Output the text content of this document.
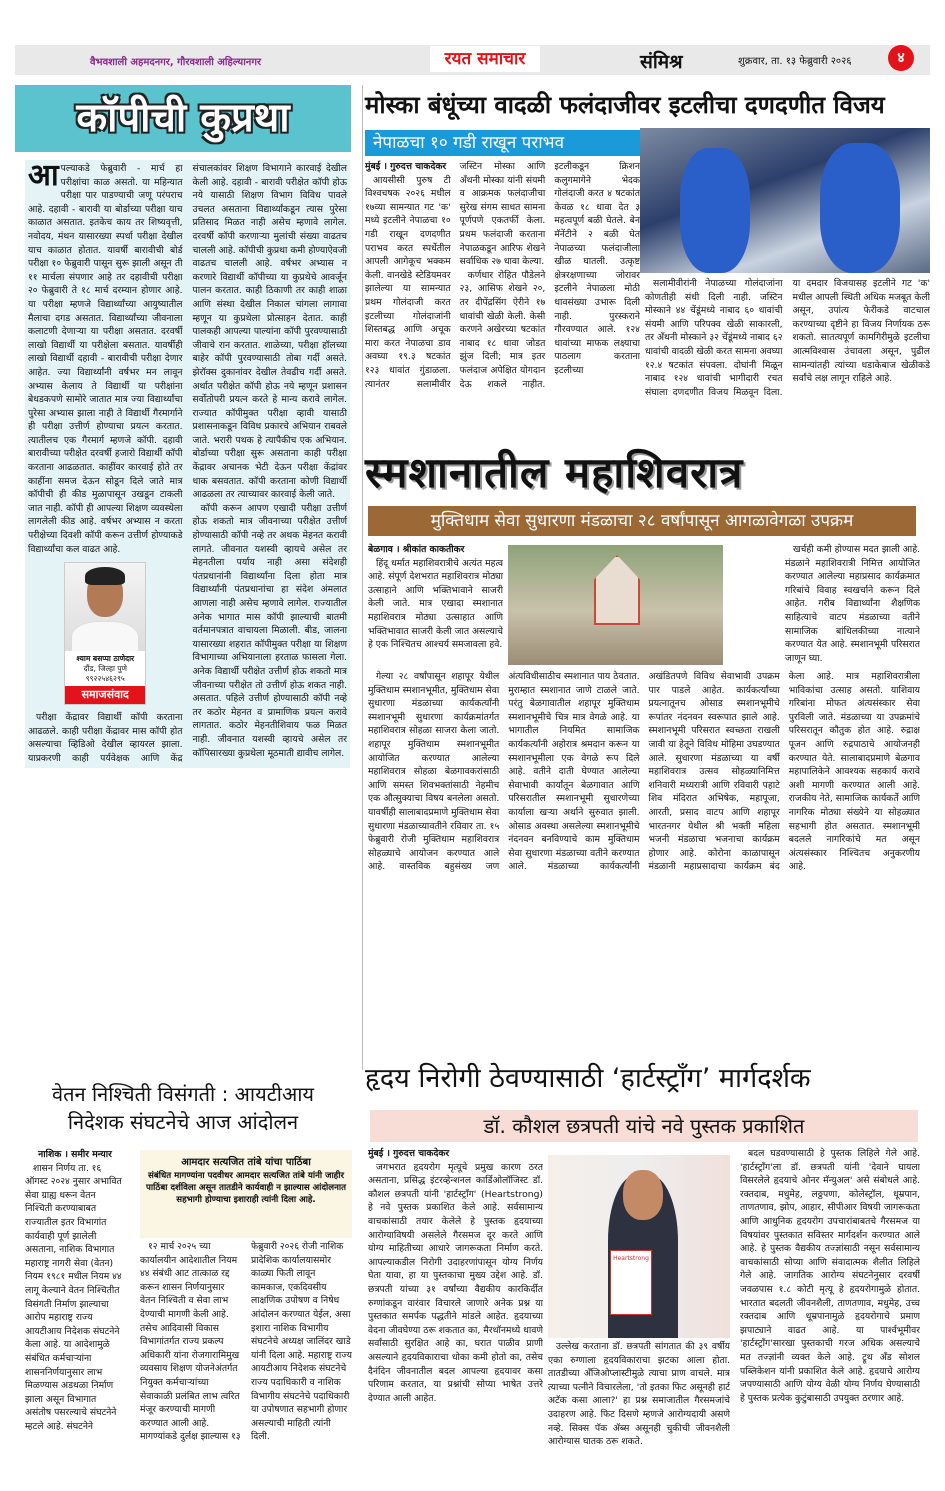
वैभवशाली अहमदनगर, गौरवशाली अहिल्यानगर	रयत समाचार	संमिश्र	शुक्रवार, ता. १३ फेब्रुवारी २०२६	४
कॉपीची कुप्रथा

आपल्याकडे फेब्रुवारी - मार्च हा परीक्षांचा काळ असतो. या महिन्यात परीक्षा पार पाडण्याची जणू परंपराच आहे. दहावी - बारावी या बोर्डाच्या परीक्षा याच काळात असतात. इतकेच काय तर शिष्यवृत्ती, नवोदय, मंथन यासारख्या स्पर्धा परीक्षा देखील याच काळात होतात. यावर्षी बारावीची बोर्ड परीक्षा १० फेब्रुवारी पासून सुरू झाली असून ती ११ मार्चला संपणार आहे तर दहावीची परीक्षा २० फेब्रुवारी ते १८ मार्च दरम्यान होणार आहे. या परीक्षा म्हणजे विद्यार्थ्यांच्या आयुष्यातील मैलाचा दगड असतात. विद्यार्थ्यांच्या जीवनाला कलाटणी देणाऱ्या या परीक्षा असतात. दरवर्षी लाखो विद्यार्थी या परीक्षेला बसतात. यावर्षीही लाखो विद्यार्थी दहावी - बारावीची परीक्षा देणार आहेत. ज्या विद्यार्थ्यांनी वर्षभर मन लावून अभ्यास केलाय ते विद्यार्थी या परीक्षांना बेधडकपणे सामोरे जातात मात्र ज्या विद्यार्थ्यांचा पुरेसा अभ्यास झाला नाही ते विद्यार्थी गैरमार्गाने ही परीक्षा उत्तीर्ण होण्याचा प्रयत्न करतात. त्यातीलच एक गैरमार्ग म्हणजे कॉपी. दहावी बारावीच्या परीक्षेत दरवर्षी हजारो विद्यार्थी कॉपी करताना आढळतात. काहींवर कारवाई होते तर काहींना समज देऊन सोडून दिले जाते मात्र कॉपीची ही कीड मुळापासून उखडून टाकली जात नाही. कॉपी ही आपल्या शिक्षण व्यवस्थेला लागलेली कीड आहे. वर्षभर अभ्यास न करता परीक्षेच्या दिवशी कॉपी करून उत्तीर्ण होण्याकडे विद्यार्थ्यांचा कल वाढत आहे.

श्याम बसप्पा ठाणेदार
दौंड, जिल्हा पुणे
९९२२५४६२९५
समाजसंवाद

परीक्षा केंद्रावर विद्यार्थी कॉपी करताना आढळले. काही परीक्षा केंद्रावर मास कॉपी होत असल्याचा व्हिडिओ देखील व्हायरल झाला. याप्रकरणी काही पर्यवेक्षक आणि केंद्र संचालकांवर शिक्षण विभागाने कारवाई देखील केली आहे. दहावी - बारावी परीक्षेत कॉपी होऊ नये यासाठी शिक्षण विभाग विविध पावले उचलत असताना विद्यार्थ्यांकडून त्यास पुरेसा प्रतिसाद मिळत नाही असेच म्हणावे लागेल. दरवर्षी कॉपी करणाऱ्या मुलांची संख्या वाढतच चालली आहे. कॉपीची कुप्रथा कमी होण्याऐवजी वाढतच चालली आहे. वर्षभर अभ्यास न करणारे विद्यार्थी कॉपीच्या या कुप्रथेचे आवर्जून पालन करतात. काही ठिकाणी तर काही शाळा आणि संस्था देखील निकाल चांगला लागावा म्हणून या कुप्रथेला प्रोत्साहन देतात. काही पालकही आपल्या पाल्यांना कॉपी पुरवण्यासाठी जीवाचे रान करतात. शाळेच्या, परीक्षा हॉलच्या बाहेर कॉपी पुरवण्यासाठी तोबा गर्दी असते. झेरॉक्स दुकानांवर देखील तेवढीच गर्दी असते. अर्थात परीक्षेत कॉपी होऊ नये म्हणून प्रशासन सर्वोतोपरी प्रयत्न करते हे मान्य करावे लागेल. राज्यात कॉपीमुक्त परीक्षा व्हावी यासाठी प्रशासनाकडून विविध प्रकारचे अभियान राबवले जाते. भरारी पथक हे त्यापैकीच एक अभियान. बोर्डाच्या परीक्षा सुरू असताना काही परीक्षा केंद्रावर अचानक भेटी देऊन परीक्षा केंद्रांवर धाक बसवतात. कॉपी करताना कोणी विद्यार्थी आढळला तर त्याच्यावर कारवाई केली जाते.

कॉपी करून आपण एखादी परीक्षा उत्तीर्ण होऊ शकतो मात्र जीवनाच्या परीक्षेत उत्तीर्ण होण्यासाठी कॉपी नव्हे तर अथक मेहनत करावी लागते. जीवनात यशस्वी व्हायचे असेल तर मेहनतीला पर्याय नाही असा संदेशही पंतप्रधानांनी विद्यार्थ्यांना दिला होता मात्र विद्यार्थ्यांनी पंतप्रधानांचा हा संदेश अंमलात आणला नाही असेच म्हणावे लागेल. राज्यातील अनेक भागात मास कॉपी झाल्याची बातमी वर्तमानपत्रात वाचायला मिळाली. बीड, जालना यासारख्या शहरात कॉपीमुक्त परीक्षा या शिक्षण विभागाच्या अभियानाला हरताळ फासला गेला. अनेक विद्यार्थी परीक्षेत उत्तीर्ण होऊ शकतो मात्र जीवनाच्या परीक्षेत तो उत्तीर्ण होऊ शकत नाही. असतात. पहिले उत्तीर्ण होण्यासाठी कॉपी नव्हे तर कठोर मेहनत व प्रामाणिक प्रयत्न करावे लागतात. कठोर मेहनतीशिवाय फळ मिळत नाही. जीवनात यशस्वी व्हायचे असेल तर कॉपिसारख्या कुप्रथेला मूठमाती द्यावीच लागेल.

मोस्का बंधूंच्या वादळी फलंदाजीवर इटलीचा दणदणीत विजय
नेपाळचा १० गडी राखून पराभव

मुंबई । गुरुदत्त चाकदेकर

आयसीसी पुरुष टी विश्वचषक २०२६ मधील १७व्या सामन्यात गट 'क' मध्ये इटलीने नेपाळचा १० गडी राखून दणदणीत पराभव करत स्पर्धेतील आपली आगेकूच भक्कम केली. वानखेडे स्टेडियमवर झालेल्या या सामन्यात प्रथम गोलंदाजी करत इटलीच्या गोलंदाजांनी शिस्तबद्ध आणि अचूक मारा करत नेपाळचा डाव अवघ्या १९.३ षटकांत १२३ धावांत गुंडाळला. त्यानंतर सलामीवीर जस्टिन मोस्का आणि अँथनी मोस्का यांनी संयमी व आक्रमक फलंदाजीचा सुरेख संगम साधत सामना पूर्णपणे एकतर्फी केला. प्रथम फलंदाजी करताना नेपाळकडून आरिफ शेखने सर्वाधिक २७ धावा केल्या.

कर्णधार रोहित पौडेलने २३, आसिफ शेखने २०, तर दीपेंद्रसिंग ऐरीने १७ धावांची खेळी केली. केसी करणने अखेरच्या षटकांत नाबाद १८ धावा जोडत झुंज दिली; मात्र इतर फलंदाज अपेक्षित योगदान देऊ शकले नाहीत. इटलीकडून क्रिशन कलुगमागेने भेदक गोलंदाजी करत ४ षटकांत केवळ १८ धावा देत ३ महत्वपूर्ण बळी घेतले. बेन मॅनेंटीने २ बळी घेत नेपाळच्या फलंदाजीला खीळ घातली. उत्कृष्ट क्षेत्ररक्षणाच्या जोरावर इटलीने नेपाळला मोठी धावसंख्या उभारू दिली नाही. पुरस्कराने गौरवण्यात आले. १२४ धावांच्या माफक लक्ष्याचा पाठलाग करताना इटलीच्या

सलामीवीरांनी नेपाळच्या गोलंदाजांना कोणतीही संधी दिली नाही. जस्टिन मोस्काने ४४ चेंडूंमध्ये नाबाद ६० धावांची संयमी आणि परिपक्व खेळी साकारली, तर अँथनी मोस्काने ३२ चेंडूंमध्ये नाबाद ६२ धावांची वादळी खेळी करत सामना अवघ्या १२.४ षटकांत संपवला. दोघांनी मिळून नाबाद १२४ धावांची भागीदारी रचत संघाला दणदणीत विजय मिळवून दिला. या दमदार विजयासह इटलीने गट 'क' मधील आपली स्थिती अधिक मजबूत केली असून, उपांत्य फेरीकडे वाटचाल करण्याच्या दृष्टीने हा विजय निर्णायक ठरू शकतो. सातत्यपूर्ण कामगिरीमुळे इटलीचा आत्मविश्वास उंचावला असून, पुढील सामन्यांतही त्यांच्या धडाकेबाज खेळीकडे सर्वांचे लक्ष लागून राहिले आहे.

स्मशानातील महाशिवरात्र
मुक्तिधाम सेवा सुधारणा मंडळाचा २८ वर्षांपासून आगळावेगळा उपक्रम

बेळगाव । श्रीकांत काकतीकर

हिंदू धर्मात महाशिवरात्रीचे अत्यंत महत्व आहे. संपूर्ण देशभरात महाशिवरात्र मोठ्या उत्साहाने आणि भक्तिभावाने साजरी केली जाते. मात्र एखादा स्मशानात महाशिवरात्र मोठ्या उत्साहात आणि भक्तिभावात साजरी केली जात असल्याचे हे एक निश्चितच आश्चर्य समजावला हवे.

खर्चही कमी होण्यास मदत झाली आहे. मंडळाने महाशिवरात्री निमित्त आयोजित करण्यात आलेल्या महाप्रसाद कार्यक्रमात गरिबांचे विवाह स्वखर्चाने करून दिले आहेत. गरीब विद्यार्थ्यांना शैक्षणिक साहित्याचे वाटप मंडळाच्या वतीने सामाजिक बांधिलकीच्या नात्याने करण्यात येत आहे. स्मशानभूमी परिसरात जाणून घ्या.

गेल्या २८ वर्षांपासून शहापूर येथील मुक्तिधाम स्मशानभूमीत, मुक्तिधाम सेवा सुधारणा मंडळाच्या कार्यकर्त्यांनी स्मशानभूमी सुधारणा कार्यक्रमांतर्गत महाशिवरात्र सोहळा साजरा केला जातो. शहापूर मुक्तिधाम स्मशानभूमीत आयोजित करण्यात आलेल्या महाशिवरात्र सोहळा बेळगावकरांसाठी आणि समस्त शिवभक्तांसाठी नेहमीच एक औत्सुक्याचा विषय बनलेला असतो. यावर्षीही सालाबादप्रमाणे मुक्तिधाम सेवा सुधारणा मंडळाच्यावतीने रविवार ता. १५ फेब्रुवारी रोजी मुक्तिधाम महाशिवरात्र सोहळ्याचे आयोजन करण्यात आले आहे. वास्तविक बहुसंख्य जण अंत्यविधीसाठीच स्मशानात पाय ठेवतात. मुराम्हात स्मशानात जाणे टाळले जाते. परंतु बेळगावातील शहापूर मुक्तिधाम स्मशानभूमीचे चित्र मात्र वेगळे आहे. या भागातील नियमित सामाजिक कार्यकर्त्यांनी अहोरात्र श्रमदान करून या स्मशानभूमीला एक वेगळे रूप दिले आहे. वतीने दाती घेण्यात आलेल्या सेवाभावी कार्यांतून बेळगावात आणि परिसरातील स्मशानभूमी सुधारणेच्या कार्याला खऱ्या अर्थाने सुरुवात झाली. ओसाड अवस्था असलेल्या स्मशानभूमीचे नंदनवन बनविण्याचे काम मुक्तिधाम सेवा सुधारणा मंडळाच्या वतीने करण्यात आले. मंडळाच्या कार्यकर्त्यांनी अखंडितपणे विविध सेवाभावी उपक्रम पार पाडले आहेत. कार्यकर्त्यांच्या प्रयत्नातूनच ओसाड स्मशानभूमीचे रूपांतर नंदनवन स्वरूपात झाले आहे. स्मशानभूमी परिसरात स्वच्छता राखली जावी या हेतूने विविध मोहिमा उघडण्यात आले. सुधारणा मंडळाच्या या वर्षी महाशिवरात्र उत्सव सोहळ्यानिमित्त शनिवारी मध्यरात्री आणि रविवारी पहाटे शिव मंदिरात अभिषेक, महापूजा, आरती, प्रसाद वाटप आणि शहापूर भारतनगर येथील श्री भक्ती महिला भजनी मंडळाचा भजनाचा कार्यक्रम होणार आहे. कोरोना काळापासून मंडळानी महाप्रसादाचा कार्यक्रम बंद केला आहे. मात्र महाशिवरात्रीला भाविकांचा उत्साह असतो. याशिवाय गरिबांना मोफत अंत्यसंस्कार सेवा पुरविली जाते. मंडळाच्या या उपक्रमांचे परिसरातून कौतुक होत आहे. रुद्राक्ष पूजन आणि रुद्रपाठाचे आयोजनही करण्यात येते. सालाबादप्रमाणे बेळगाव महापालिकेने आवश्यक सहकार्य करावे अशी मागणी करण्यात आली आहे. राजकीय नेते, सामाजिक कार्यकर्ते आणि नागरिक मोठ्या संख्येने या सोहळ्यात सहभागी होत असतात. स्मशानभूमी बदलले नागरिकांचे मत असून अंत्यसंस्कार निश्चितच अनुकरणीय आहे.

वेतन निश्चिती विसंगती : आयटीआय
निदेशक संघटनेचे आज आंदोलन

नाशिक । समीर मन्यार

शासन निर्णय ता. १६ ऑगस्ट २०२४ नुसार अभावित सेवा ग्राह्य धरून वेतन निश्चिती करण्याबाबत राज्यातील इतर विभागांत कार्यवाही पूर्ण झालेली असताना, नाशिक विभागात महाराष्ट्र नागरी सेवा (वेतन) नियम १९८१ मधील नियम ४४ लागू केल्याने वेतन निश्चितीत विसंगती निर्माण झाल्याचा आरोप महाराष्ट्र राज्य आयटीआय निदेशक संघटनेने केला आहे. या आदेशामुळे संबंधित कर्मचाऱ्यांना शासननिर्णयानुसार लाभ मिळण्यास अडथळा निर्माण झाला असून विभागात असंतोष पसरल्याचे संघटनेने म्हटले आहे. संघटनेने

आमदार सत्यजित तांबे यांचा पाठिंबा
संबंधित मागण्यांना पदवीधर आमदार सत्यजित तांबे यांनी जाहीर पाठिंबा दर्शविला असून तातडीने कार्यवाही न झाल्यास आंदोलनात सहभागी होण्याचा इशाराही त्यांनी दिला आहे.

१२ मार्च २०२५ च्या कार्यालयीन आदेशातील नियम ४४ संबंधी आट तात्काळ रद्द करून शासन निर्णयानुसार वेतन निश्चिती व सेवा लाभ देण्याची मागणी केली आहे. तसेच आदिवासी विकास विभागांतर्गत राज्य प्रकल्प अधिकारी यांना रोजगारामिमुख व्यवसाय शिक्षण योजनेअंतर्गत नियुक्त कर्मचाऱ्यांच्या सेवाकाळी प्रलंबित लाभ त्वरित मंजूर करण्याची मागणी करण्यात आली आहे. मागण्यांकडे दुर्लक्ष झाल्यास १३ फेब्रुवारी २०२६ रोजी नाशिक प्रादेशिक कार्यालयासमोर काळ्या फिती लावून कामकाज, एकदिवसीय लाक्षणिक उपोषण व निषेध आंदोलन करण्यात येईल, असा इशारा नाशिक विभागीय संघटनेचे अध्यक्ष जालिंदर खाडे यांनी दिला आहे. महाराष्ट्र राज्य आयटीआय निदेशक संघटनेचे राज्य पदाधिकारी व नाशिक विभागीय संघटनेचे पदाधिकारी या उपोषणात सहभागी होणार असल्याची माहिती त्यांनी दिली.

हृदय निरोगी ठेवण्यासाठी ‘हार्टस्ट्रॉंग’ मार्गदर्शक
डॉ. कौशल छत्रपती यांचे नवे पुस्तक प्रकाशित

मुंबई । गुरुदत्त चाकदेकर

जगभरात हृदयरोग मृत्यूचे प्रमुख कारण ठरत असताना, प्रसिद्ध इंटरव्हेन्शनल कार्डिओलॉजिस्ट डॉ. कौशल छत्रपती यांनी 'हार्टस्ट्रॉंग' (Heartstrong) हे नवे पुस्तक प्रकाशित केले आहे. सर्वसामान्य वाचकांसाठी तयार केलेले हे पुस्तक हृदयाच्या आरोग्याविषयी असलेले गैरसमज दूर करते आणि योग्य माहितीच्या आधारे जागरूकता निर्माण करते. आपल्याकडील निरोगी उदाहरणांपासून योग्य निर्णय घेता यावा, हा या पुस्तकाचा मुख्य उद्देश आहे. डॉ. छत्रपती यांच्या ३१ वर्षांच्या वैद्यकीय कारकिर्दीत रुग्णांकडून वारंवार विचारले जाणारे अनेक प्रश्न या पुस्तकात समर्पक पद्धतीने मांडले आहेत. हृदयाच्या वेदना जीवघेण्या ठरू शकतात का, मैरथॉनमध्ये धावणे सर्वांसाठी सुरक्षित आहे का, घरात पाळीव प्राणी असल्याने हृदयविकाराचा धोका कमी होतो का, तसेच दैनंदिन जीवनातील बदल आपल्या हृदयावर कसा परिणाम करतात, या प्रश्नांची सोप्या भाषेत उत्तरे देण्यात आली आहेत.

Heartstrong

उल्लेख करताना डॉ. छत्रपती सांगतात की ३९ वर्षीय एका रुग्णाला हृदयविकाराचा झटका आला होता. तातडीच्या अँजिओप्लास्टीमुळे त्याचा प्राण वाचले. मात्र त्याच्या पत्नीने विचारलेला, 'तो इतका फिट असूनही हार्ट अटॅक कसा आला?' हा प्रश्न समाजातील गैरसमजांचे उदाहरण आहे. फिट दिसणे म्हणजे आरोग्यदायी असणे नव्हे. सिक्स पॅक ॲब्स असूनही चुकीची जीवनशैली आरोग्यास घातक ठरू शकते.

बदल घडवण्यासाठी हे पुस्तक लिहिले गेले आहे. 'हार्टस्ट्रॉंग'ला डॉ. छत्रपती यांनी 'देवाने घायला विसरलेले हृदयाचे ओनर मॅन्युअल' असे संबोधले आहे. रक्तदाब, मधुमेह, लठ्ठपणा, कोलेस्ट्रॉल, धूम्रपान, ताणतणाव, झोप, आहार, सीपीआर विषयी जागरूकता आणि आधुनिक हृदयरोग उपचारांबाबतचे गैरसमज या विषयांवर पुस्तकात सविस्तर मार्गदर्शन करण्यात आले आहे. हे पुस्तक वैद्यकीय तज्ज्ञांसाठी नसून सर्वसामान्य वाचकांसाठी सोप्या आणि संवादात्मक शैलीत लिहिले गेले आहे. जागतिक आरोग्य संघटनेनुसार दरवर्षी जवळपास १.८ कोटी मृत्यू हे हृदयरोगामुळे होतात. भारतात बदलती जीवनशैली, ताणतणाव, मधुमेह, उच्च रक्तदाब आणि धूम्रपानामुळे हृदयरोगाचे प्रमाण झपाट्याने वाढत आहे. या पार्श्वभूमीवर 'हार्टस्ट्रॉंग'सारखा पुस्तकाची गरज अधिक असल्याचे मत तज्ज्ञांनी व्यक्त केले आहे. ट्रूथ अँड सोशल पब्लिकेशन यांनी प्रकाशित केले आहे. हृदयाचे आरोग्य जपण्यासाठी आणि योग्य वेळी योग्य निर्णय घेण्यासाठी हे पुस्तक प्रत्येक कुटुंबासाठी उपयुक्त ठरणार आहे.
